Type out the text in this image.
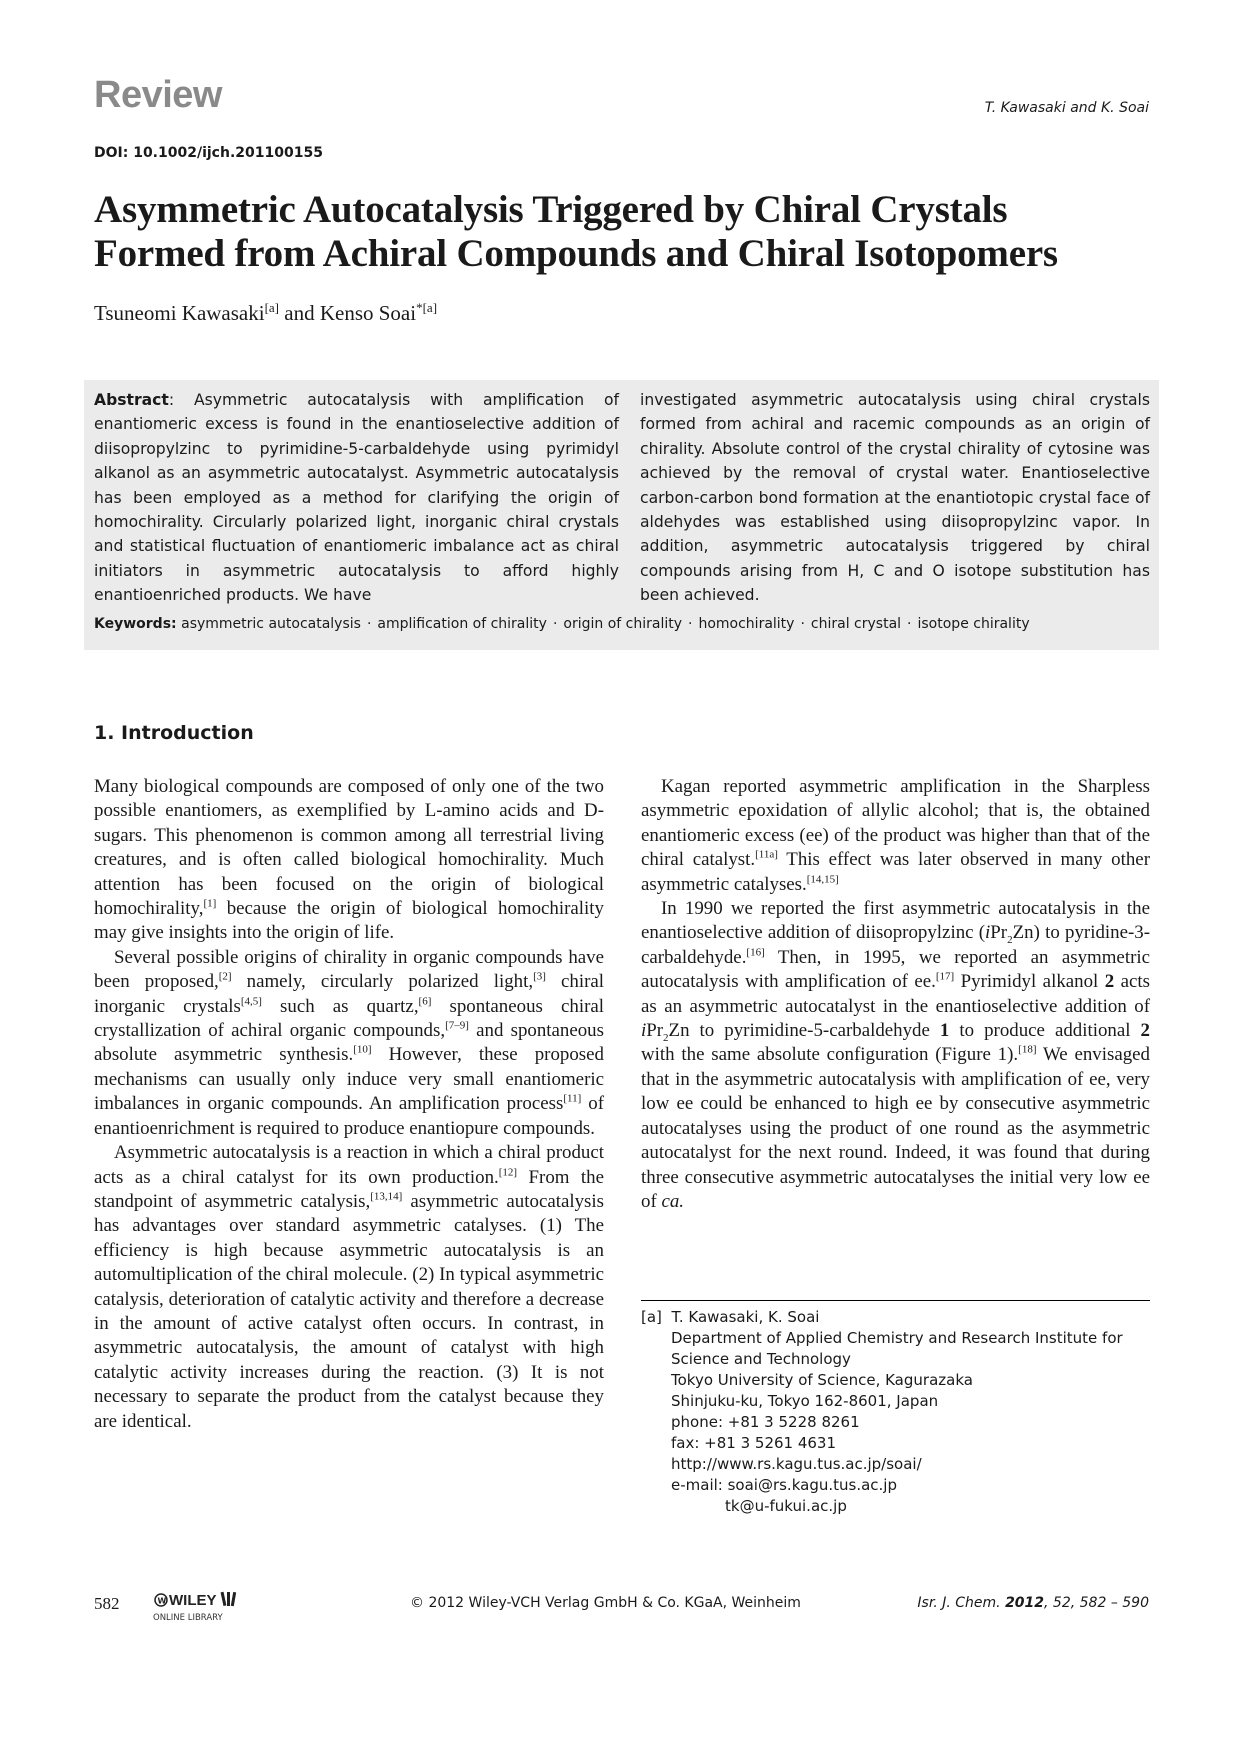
Review	T. Kawasaki and K. Soai
DOI: 10.1002/ijch.201100155
Asymmetric Autocatalysis Triggered by Chiral Crystals
Formed from Achiral Compounds and Chiral Isotopomers
Tsuneomi Kawasaki[a] and Kenso Soai$^{*[a]}$
Abstract: Asymmetric autocatalysis with amplification of enantiomeric excess is found in the enantioselective addition of diisopropylzinc to pyrimidine-5-carbaldehyde using pyrimidyl alkanol as an asymmetric autocatalyst. Asymmetric autocatalysis has been employed as a method for clarifying the origin of homochirality. Circularly polarized light, inorganic chiral crystals and statistical fluctuation of enantiomeric imbalance act as chiral initiators in asymmetric autocatalysis to afford highly enantioenriched products. We have
investigated asymmetric autocatalysis using chiral crystals formed from achiral and racemic compounds as an origin of chirality. Absolute control of the crystal chirality of cytosine was achieved by the removal of crystal water. Enantioselective carbon-carbon bond formation at the enantiotopic crystal face of aldehydes was established using diisopropylzinc vapor. In addition, asymmetric autocatalysis triggered by chiral compounds arising from H, C and O isotope substitution has been achieved.
Keywords: asymmetric autocatalysis · amplification of chirality · origin of chirality · homochirality · chiral crystal · isotope chirality
1. Introduction

Many biological compounds are composed of only one of the two possible enantiomers, as exemplified by L-amino acids and D-sugars. This phenomenon is common among all terrestrial living creatures, and is often called biological homochirality. Much attention has been focused on the origin of biological homochirality,[1] because the origin of biological homochirality may give insights into the origin of life.

Several possible origins of chirality in organic compounds have been proposed,[2] namely, circularly polarized light,[3] chiral inorganic crystals[4,5] such as quartz,[6] spontaneous chiral crystallization of achiral organic compounds,[7–9] and spontaneous absolute asymmetric synthesis.[10] However, these proposed mechanisms can usually only induce very small enantiomeric imbalances in organic compounds. An amplification process[11] of enantioenrichment is required to produce enantiopure compounds.

Asymmetric autocatalysis is a reaction in which a chiral product acts as a chiral catalyst for its own production.[12] From the standpoint of asymmetric catalysis,[13,14] asymmetric autocatalysis has advantages over standard asymmetric catalyses. (1) The efficiency is high because asymmetric autocatalysis is an automultiplication of the chiral molecule. (2) In typical asymmetric catalysis, deterioration of catalytic activity and therefore a decrease in the amount of active catalyst often occurs. In contrast, in asymmetric autocatalysis, the amount of catalyst with high catalytic activity increases during the reaction. (3) It is not necessary to separate the product from the catalyst because they are identical.

Kagan reported asymmetric amplification in the Sharpless asymmetric epoxidation of allylic alcohol; that is, the obtained enantiomeric excess (ee) of the product was higher than that of the chiral catalyst.[11a] This effect was later observed in many other asymmetric catalyses.[14,15]

In 1990 we reported the first asymmetric autocatalysis in the enantioselective addition of diisopropylzinc (iPr$_2$Zn) to pyridine-3-carbaldehyde.[16] Then, in 1995, we reported an asymmetric autocatalysis with amplification of ee.[17] Pyrimidyl alkanol 2 acts as an asymmetric autocatalyst in the enantioselective addition of iPr$_2$Zn to pyrimidine-5-carbaldehyde 1 to produce additional 2 with the same absolute configuration (Figure 1).[18] We envisaged that in the asymmetric autocatalysis with amplification of ee, very low ee could be enhanced to high ee by consecutive asymmetric autocatalyses using the product of one round as the asymmetric autocatalyst for the next round. Indeed, it was found that during three consecutive asymmetric autocatalyses the initial very low ee of ca.

[a] T. Kawasaki, K. Soai
Department of Applied Chemistry and Research Institute for
Science and Technology
Tokyo University of Science, Kagurazaka
Shinjuku-ku, Tokyo 162-8601, Japan
phone: +81 3 5228 8261
fax: +81 3 5261 4631
http://www.rs.kagu.tus.ac.jp/soai/
e-mail: soai@rs.kagu.tus.ac.jp
tk@u-fukui.ac.jp
582	W WILEY
ONLINE LIBRARY
© 2012 Wiley-VCH Verlag GmbH & Co. KGaA, Weinheim	Isr. J. Chem. 2012, 52, 582 – 590
